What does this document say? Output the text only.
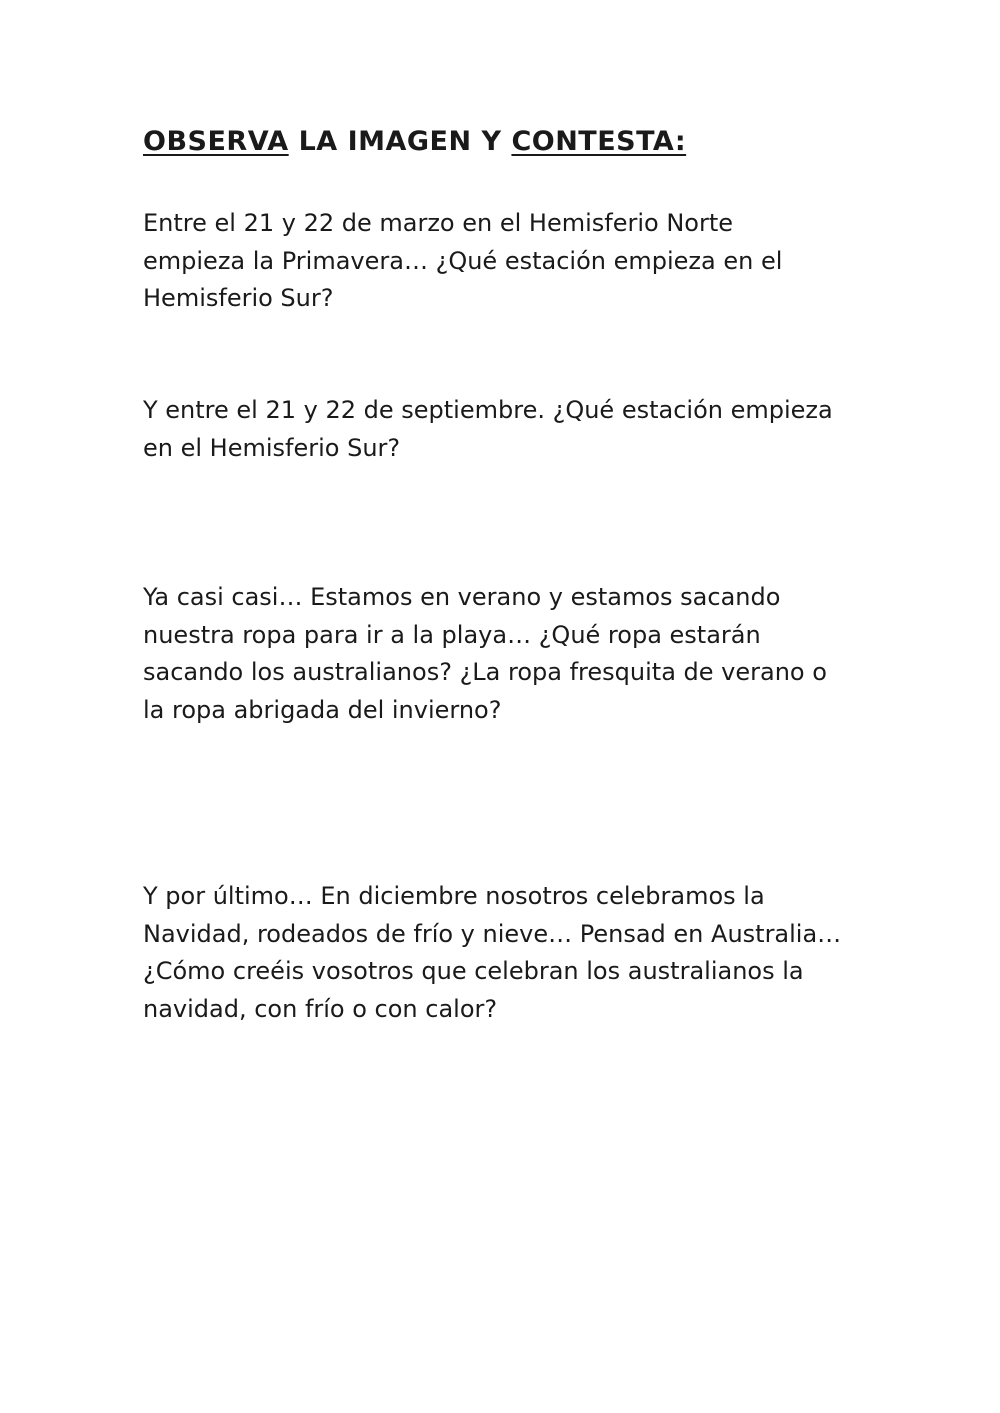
OBSERVA LA IMAGEN Y CONTESTA:

Entre el 21 y 22 de marzo en el Hemisferio Norte
empieza la Primavera… ¿Qué estación empieza en el
Hemisferio Sur?

Y entre el 21 y 22 de septiembre. ¿Qué estación empieza
en el Hemisferio Sur?

Ya casi casi… Estamos en verano y estamos sacando
nuestra ropa para ir a la playa… ¿Qué ropa estarán
sacando los australianos? ¿La ropa fresquita de verano o
la ropa abrigada del invierno?

Y por último… En diciembre nosotros celebramos la
Navidad, rodeados de frío y nieve… Pensad en Australia…
¿Cómo creéis vosotros que celebran los australianos la
navidad, con frío o con calor?
